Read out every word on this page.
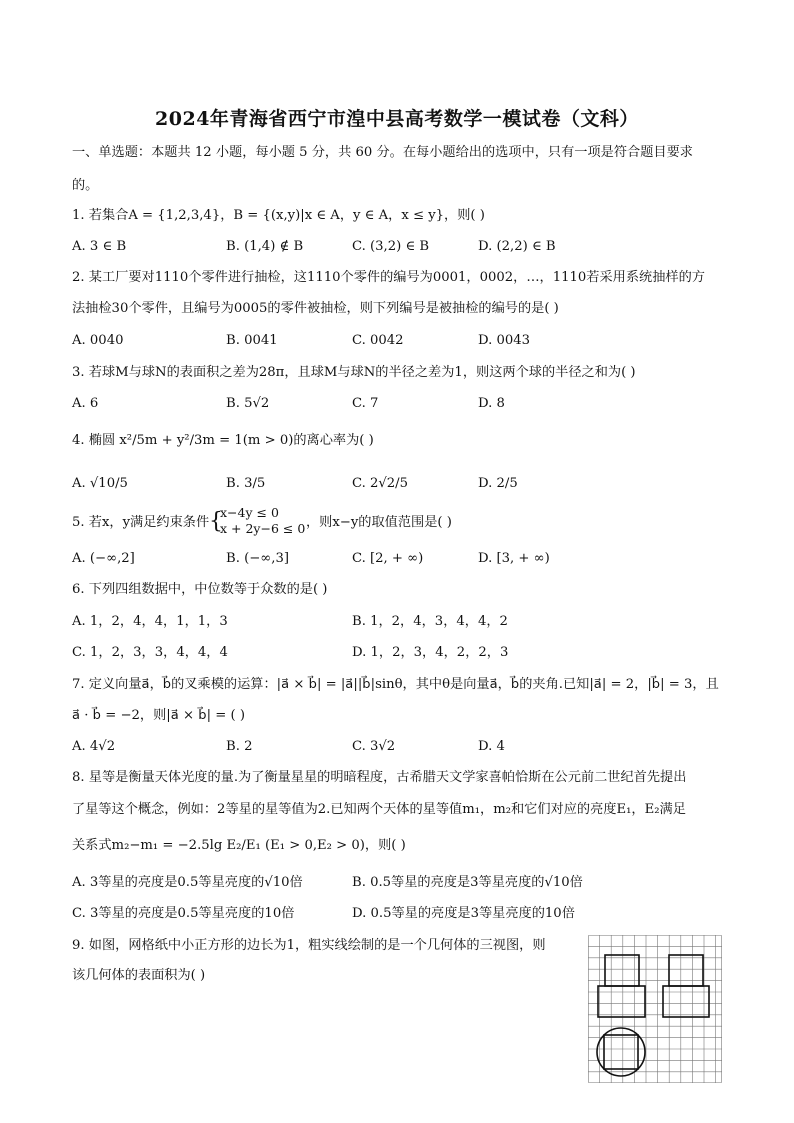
2024年青海省西宁市湟中县高考数学一模试卷（文科）
一、单选题：本题共 12 小题，每小题 5 分，共 60 分。在每小题给出的选项中，只有一项是符合题目要求
的。
1. 若集合A = {1,2,3,4}，B = {(x,y)|x ∈ A，y ∈ A，x ≤ y}，则( )
A. 3 ∈ B	B. (1,4) ∉ B	C. (3,2) ∈ B	D. (2,2) ∈ B
2. 某工厂要对1110个零件进行抽检，这1110个零件的编号为0001，0002，…，1110若采用系统抽样的方
法抽检30个零件，且编号为0005的零件被抽检，则下列编号是被抽检的编号的是( )
A. 0040	B. 0041	C. 0042	D. 0043
3. 若球M与球N的表面积之差为28π，且球M与球N的半径之差为1，则这两个球的半径之和为( )
A. 6	B. 5√2	C. 7	D. 8
4. 椭圆 x²/5m + y²/3m = 1(m > 0)的离心率为( )
A. √10/5	B. 3/5	C. 2√2/5	D. 2/5
5. 若x，y满足约束条件 {
x−4y ≤ 0
x + 2y−6 ≤ 0 ，则x−y的取值范围是( )
A. (−∞,2]	B. (−∞,3]	C. [2, + ∞)	D. [3, + ∞)
6. 下列四组数据中，中位数等于众数的是( )
A. 1，2，4，4，1，1，3	B. 1，2，4，3，4，4，2
C. 1，2，3，3，4，4，4	D. 1，2，3，4，2，2，3
7. 定义向量a⃗，b⃗的叉乘模的运算：|a⃗ × b⃗| = |a⃗||b⃗|sinθ，其中θ是向量a⃗，b⃗的夹角.已知|a⃗| = 2，|b⃗| = 3，且
a⃗ · b⃗ = −2，则|a⃗ × b⃗| = ( )
A. 4√2	B. 2	C. 3√2	D. 4
8. 星等是衡量天体光度的量.为了衡量星星的明暗程度，古希腊天文学家喜帕恰斯在公元前二世纪首先提出
了星等这个概念，例如：2等星的星等值为2.已知两个天体的星等值m₁，m₂和它们对应的亮度E₁，E₂满足
关系式m₂−m₁ = −2.5lg E₂/E₁ (E₁ > 0,E₂ > 0)，则( )
A. 3等星的亮度是0.5等星亮度的√10倍	B. 0.5等星的亮度是3等星亮度的√10倍
C. 3等星的亮度是0.5等星亮度的10倍	D. 0.5等星的亮度是3等星亮度的10倍
9. 如图，网格纸中小正方形的边长为1，粗实线绘制的是一个几何体的三视图，则
该几何体的表面积为( )
